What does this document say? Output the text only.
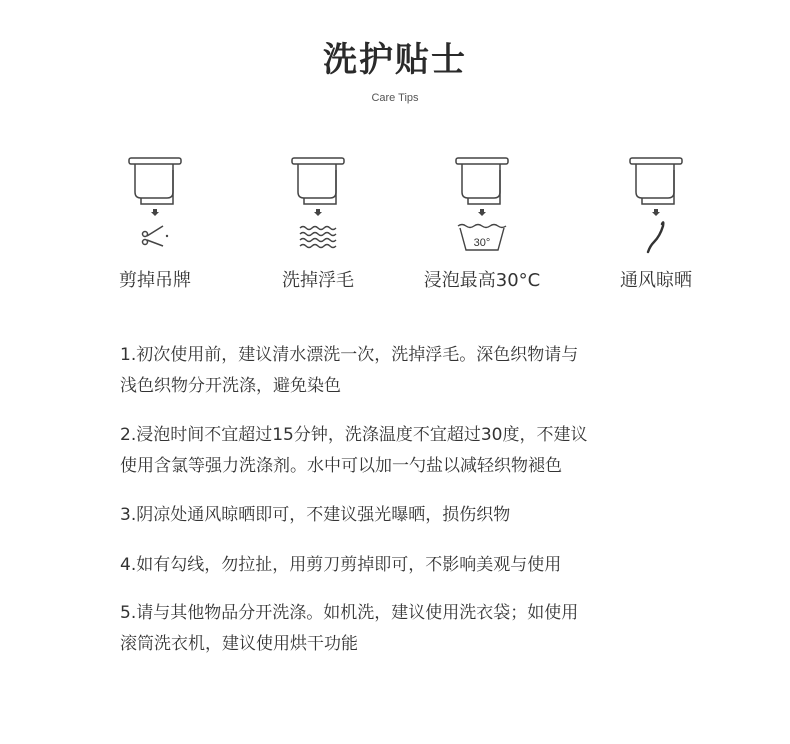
洗护贴士
Care Tips
剪掉吊牌	洗掉浮毛
30°
浸泡最高30°C	通风晾晒
1.初次使用前，建议清水漂洗一次，洗掉浮毛。深色织物请与
浅色织物分开洗涤，避免染色
2.浸泡时间不宜超过15分钟，洗涤温度不宜超过30度，不建议
使用含氯等强力洗涤剂。水中可以加一勺盐以减轻织物褪色
3.阴凉处通风晾晒即可，不建议强光曝晒，损伤织物
4.如有勾线，勿拉扯，用剪刀剪掉即可，不影响美观与使用
5.请与其他物品分开洗涤。如机洗，建议使用洗衣袋；如使用
滚筒洗衣机，建议使用烘干功能
